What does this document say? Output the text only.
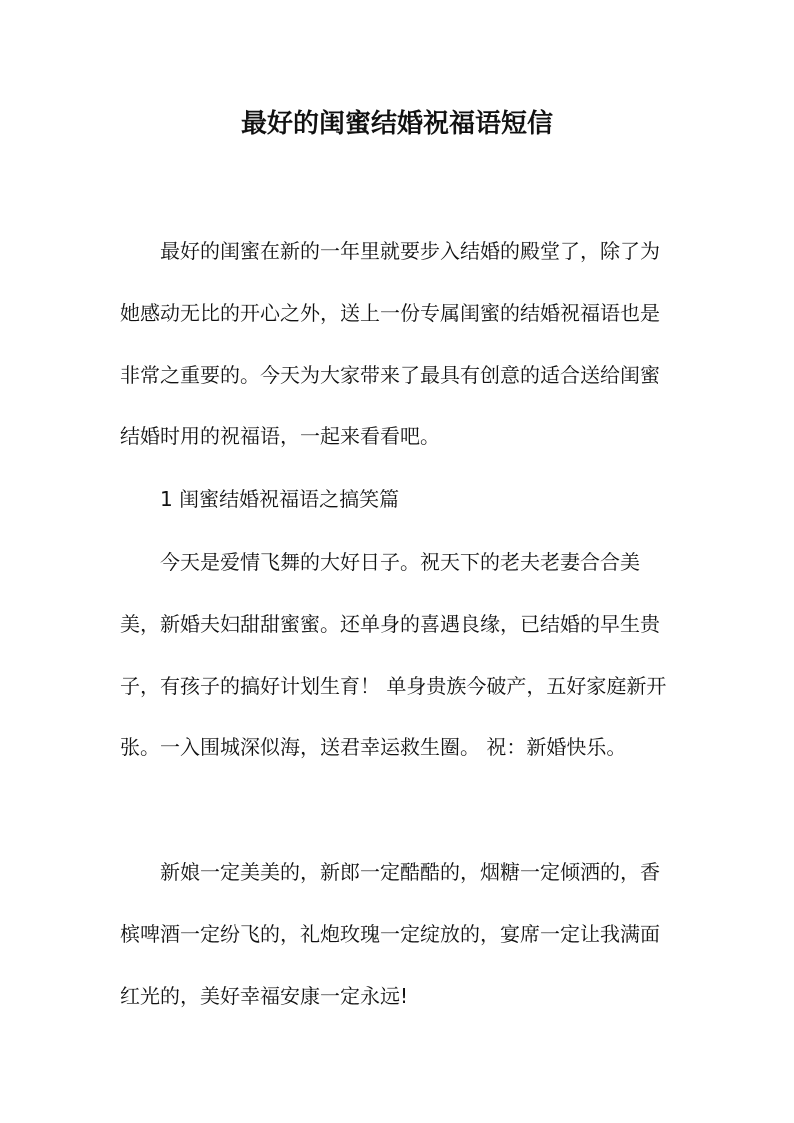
最好的闺蜜结婚祝福语短信

最好的闺蜜在新的一年里就要步入结婚的殿堂了，除了为她感动无比的开心之外，送上一份专属闺蜜的结婚祝福语也是非常之重要的。今天为大家带来了最具有创意的适合送给闺蜜结婚时用的祝福语，一起来看看吧。

1 闺蜜结婚祝福语之搞笑篇

今天是爱情飞舞的大好日子。祝天下的老夫老妻合合美美，新婚夫妇甜甜蜜蜜。还单身的喜遇良缘，已结婚的早生贵子，有孩子的搞好计划生育！ 单身贵族今破产，五好家庭新开张。一入围城深似海，送君幸运救生圈。 祝：新婚快乐。

新娘一定美美的，新郎一定酷酷的，烟糖一定倾洒的，香槟啤酒一定纷飞的，礼炮玫瑰一定绽放的，宴席一定让我满面红光的，美好幸福安康一定永远!
